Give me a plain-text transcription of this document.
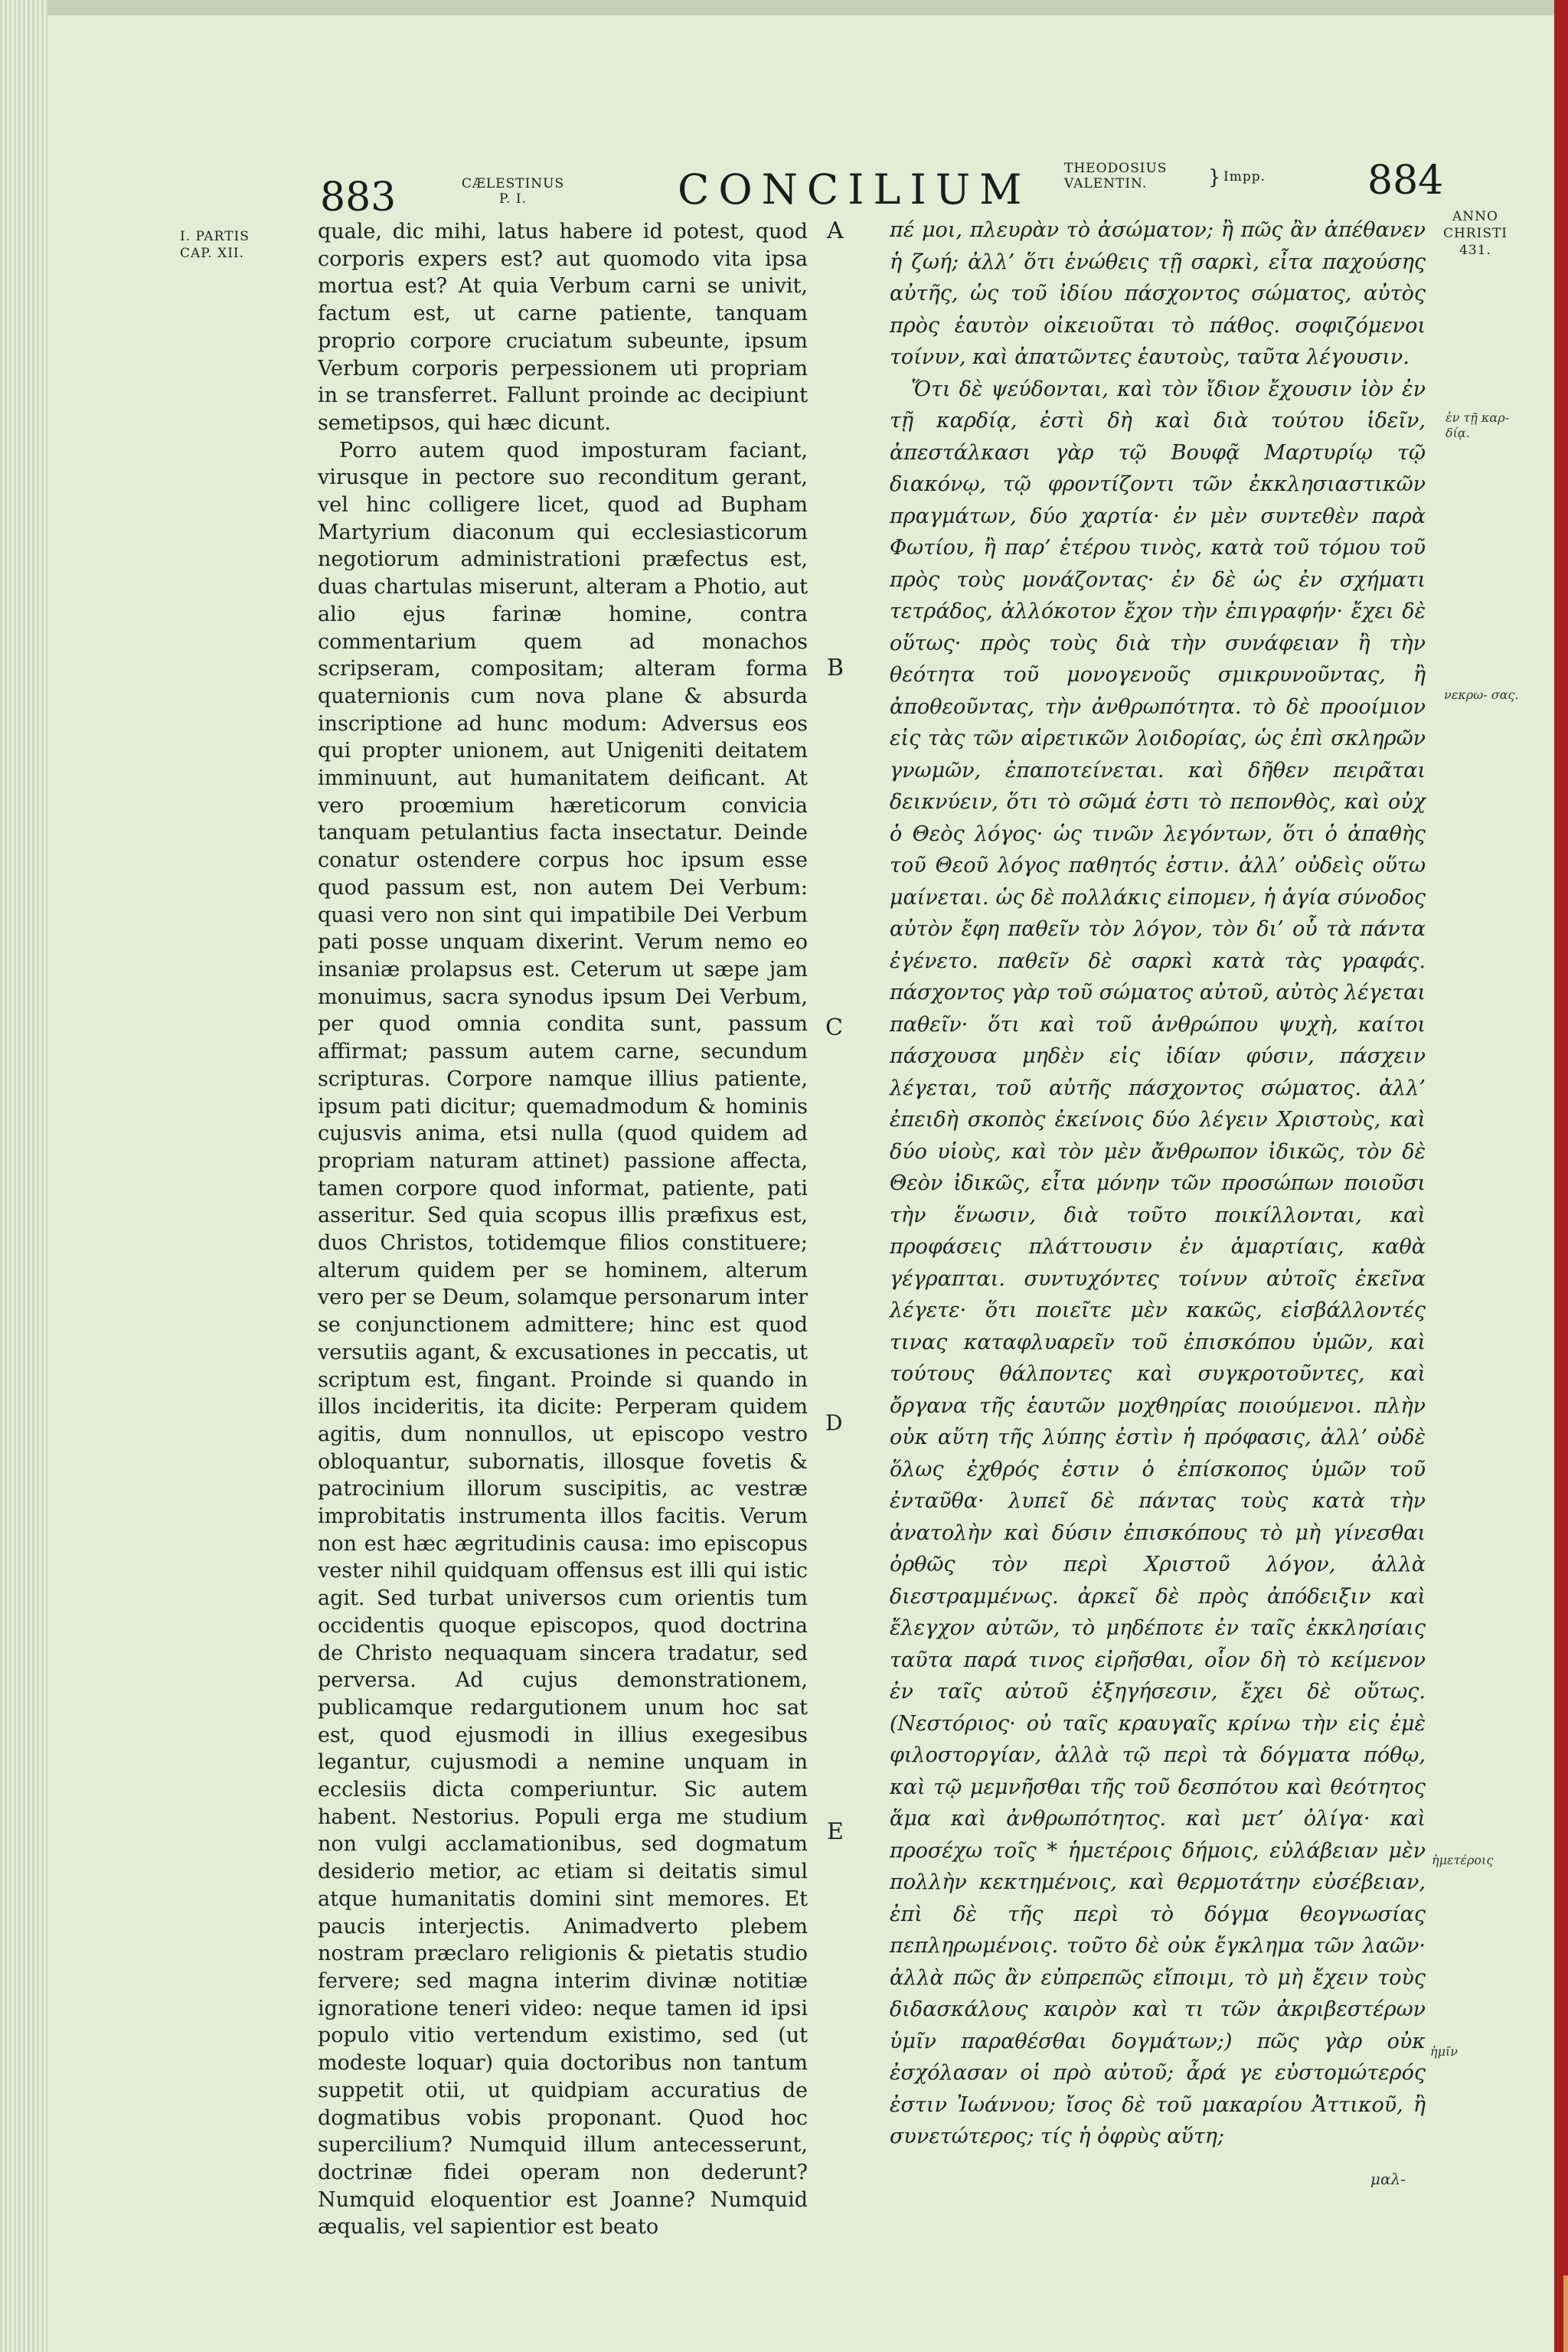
883	CÆLESTINUS
P. I.	CONCILIUM	THEODOSIUS VALENTIN.	} Impp.	884
I. PARTIS
CAP. XII.
ANNO CHRISTI
431.
ἐν τῇ καρ- δίᾳ.
νεκρω- σας.
ἡμετέροις
ἡμῖν
A
B
C
D
E

quale, dic mihi, latus habere id potest, quod corporis expers est? aut quomodo vita ipsa mortua est? At quia Verbum carni se univit, factum est, ut carne patiente, tanquam proprio corpore cruciatum subeunte, ipsum Verbum corporis perpessionem uti propriam in se transferret. Fallunt proinde ac decipiunt semetipsos, qui hæc dicunt.

Porro autem quod imposturam faciant, virusque in pectore suo reconditum gerant, vel hinc colligere licet, quod ad Bupham Martyrium diaconum qui ecclesiasticorum negotiorum administrationi præfectus est, duas chartulas miserunt, alteram a Photio, aut alio ejus farinæ homine, contra commentarium quem ad monachos scripseram, compositam; alteram forma quaternionis cum nova plane & absurda inscriptione ad hunc modum: Adversus eos qui propter unionem, aut Unigeniti deitatem imminuunt, aut humanitatem deificant. At vero proœmium hæreticorum convicia tanquam petulantius facta insectatur. Deinde conatur ostendere corpus hoc ipsum esse quod passum est, non autem Dei Verbum: quasi vero non sint qui impatibile Dei Verbum pati posse unquam dixerint. Verum nemo eo insaniæ prolapsus est. Ceterum ut sæpe jam monuimus, sacra synodus ipsum Dei Verbum, per quod omnia condita sunt, passum affirmat; passum autem carne, secundum scripturas. Corpore namque illius patiente, ipsum pati dicitur; quemadmodum & hominis cujusvis anima, etsi nulla (quod quidem ad propriam naturam attinet) passione affecta, tamen corpore quod informat, patiente, pati asseritur. Sed quia scopus illis præfixus est, duos Christos, totidemque filios constituere; alterum quidem per se hominem, alterum vero per se Deum, solamque personarum inter se conjunctionem admittere; hinc est quod versutiis agant, & excusationes in peccatis, ut scriptum est, fingant. Proinde si quando in illos incideritis, ita dicite: Perperam quidem agitis, dum nonnullos, ut episcopo vestro obloquantur, subornatis, illosque fovetis & patrocinium illorum suscipitis, ac vestræ improbitatis instrumenta illos facitis. Verum non est hæc ægritudinis causa: imo episcopus vester nihil quidquam offensus est illi qui istic agit. Sed turbat universos cum orientis tum occidentis quoque episcopos, quod doctrina de Christo nequaquam sincera tradatur, sed perversa. Ad cujus demonstrationem, publicamque redargutionem unum hoc sat est, quod ejusmodi in illius exegesibus legantur, cujusmodi a nemine unquam in ecclesiis dicta comperiuntur. Sic autem habent. Nestorius. Populi erga me studium non vulgi acclamationibus, sed dogmatum desiderio metior, ac etiam si deitatis simul atque humanitatis domini sint memores. Et paucis interjectis. Animadverto plebem nostram præclaro religionis & pietatis studio fervere; sed magna interim divinæ notitiæ ignoratione teneri video: neque tamen id ipsi populo vitio vertendum existimo, sed (ut modeste loquar) quia doctoribus non tantum suppetit otii, ut quidpiam accuratius de dogmatibus vobis proponant. Quod hoc supercilium? Numquid illum antecesserunt, doctrinæ fidei operam non dederunt? Numquid eloquentior est Joanne? Numquid æqualis, vel sapientior est beato

πέ μοι, πλευρὰν τὸ ἀσώματον; ἢ πῶς ἂν ἀπέθανεν ἡ ζωή; ἀλλ’ ὅτι ἑνώθεις τῇ σαρκὶ, εἶτα παχούσης αὐτῆς, ὡς τοῦ ἰδίου πάσχοντος σώματος, αὐτὸς πρὸς ἑαυτὸν οἰκειοῦται τὸ πάθος. σοφιζόμενοι τοίνυν, καὶ ἀπατῶντες ἑαυτοὺς, ταῦτα λέγουσιν.

Ὅτι δὲ ψεύδονται, καὶ τὸν ἴδιον ἔχουσιν ἰὸν ἐν τῇ καρδίᾳ, ἐστὶ δὴ καὶ διὰ τούτου ἰδεῖν, ἀπεστάλκασι γὰρ τῷ Βουφᾷ Μαρτυρίῳ τῷ διακόνῳ, τῷ φροντίζοντι τῶν ἐκκλησιαστικῶν πραγμάτων, δύο χαρτία· ἐν μὲν συντεθὲν παρὰ Φωτίου, ἢ παρ’ ἑτέρου τινὸς, κατὰ τοῦ τόμου τοῦ πρὸς τοὺς μονάζοντας· ἐν δὲ ὡς ἐν σχήματι τετράδος, ἀλλόκοτον ἔχον τὴν ἐπιγραφήν· ἔχει δὲ οὕτως· πρὸς τοὺς διὰ τὴν συνάφειαν ἢ τὴν θεότητα τοῦ μονογενοῦς σμικρυνοῦντας, ἢ ἀποθεοῦντας, τὴν ἀνθρωπότητα. τὸ δὲ προοίμιον εἰς τὰς τῶν αἱρετικῶν λοιδορίας, ὡς ἐπὶ σκληρῶν γνωμῶν, ἐπαποτείνεται. καὶ δῆθεν πειρᾶται δεικνύειν, ὅτι τὸ σῶμά ἐστι τὸ πεπονθὸς, καὶ οὐχ ὁ Θεὸς λόγος· ὡς τινῶν λεγόντων, ὅτι ὁ ἀπαθὴς τοῦ Θεοῦ λόγος παθητός ἐστιν. ἀλλ’ οὐδεὶς οὕτω μαίνεται. ὡς δὲ πολλάκις εἰπομεν, ἡ ἁγία σύνοδος αὐτὸν ἔφη παθεῖν τὸν λόγον, τὸν δι’ οὗ τὰ πάντα ἐγένετο. παθεῖν δὲ σαρκὶ κατὰ τὰς γραφάς. πάσχοντος γὰρ τοῦ σώματος αὐτοῦ, αὐτὸς λέγεται παθεῖν· ὅτι καὶ τοῦ ἀνθρώπου ψυχὴ, καίτοι πάσχουσα μηδὲν εἰς ἰδίαν φύσιν, πάσχειν λέγεται, τοῦ αὐτῆς πάσχοντος σώματος. ἀλλ’ ἐπειδὴ σκοπὸς ἐκείνοις δύο λέγειν Χριστοὺς, καὶ δύο υἱοὺς, καὶ τὸν μὲν ἄνθρωπον ἰδικῶς, τὸν δὲ Θεὸν ἰδικῶς, εἶτα μόνην τῶν προσώπων ποιοῦσι τὴν ἕνωσιν, διὰ τοῦτο ποικίλλονται, καὶ προφάσεις πλάττουσιν ἐν ἁμαρτίαις, καθὰ γέγραπται. συντυχόντες τοίνυν αὐτοῖς ἐκεῖνα λέγετε· ὅτι ποιεῖτε μὲν κακῶς, εἰσβάλλοντές τινας καταφλυαρεῖν τοῦ ἐπισκόπου ὑμῶν, καὶ τούτους θάλποντες καὶ συγκροτοῦντες, καὶ ὄργανα τῆς ἑαυτῶν μοχθηρίας ποιούμενοι. πλὴν οὐκ αὕτη τῆς λύπης ἐστὶν ἡ πρόφασις, ἀλλ’ οὐδὲ ὅλως ἐχθρός ἐστιν ὁ ἐπίσκοπος ὑμῶν τοῦ ἐνταῦθα· λυπεῖ δὲ πάντας τοὺς κατὰ τὴν ἀνατολὴν καὶ δύσιν ἐπισκόπους τὸ μὴ γίνεσθαι ὀρθῶς τὸν περὶ Χριστοῦ λόγον, ἀλλὰ διεστραμμένως. ἀρκεῖ δὲ πρὸς ἀπόδειξιν καὶ ἔλεγχον αὐτῶν, τὸ μηδέποτε ἐν ταῖς ἐκκλησίαις ταῦτα παρά τινος εἰρῆσθαι, οἷον δὴ τὸ κείμενον ἐν ταῖς αὐτοῦ ἐξηγήσεσιν, ἔχει δὲ οὕτως. (Νεστόριος· οὐ ταῖς κραυγαῖς κρίνω τὴν εἰς ἐμὲ φιλοστοργίαν, ἀλλὰ τῷ περὶ τὰ δόγματα πόθῳ, καὶ τῷ μεμνῆσθαι τῆς τοῦ δεσπότου καὶ θεότητος ἅμα καὶ ἀνθρωπότητος. καὶ μετ’ ὀλίγα· καὶ προσέχω τοῖς * ἡμετέροις δήμοις, εὐλάβειαν μὲν πολλὴν κεκτημένοις, καὶ θερμοτάτην εὐσέβειαν, ἐπὶ δὲ τῆς περὶ τὸ δόγμα θεογνωσίας πεπληρωμένοις. τοῦτο δὲ οὐκ ἔγκλημα τῶν λαῶν· ἀλλὰ πῶς ἂν εὐπρεπῶς εἴποιμι, τὸ μὴ ἔχειν τοὺς διδασκάλους καιρὸν καὶ τι τῶν ἀκριβεστέρων ὑμῖν παραθέσθαι δογμάτων;) πῶς γὰρ οὐκ ἐσχόλασαν οἱ πρὸ αὐτοῦ; ἆρά γε εὐστομώτερός ἐστιν Ἰωάννου; ἴσος δὲ τοῦ μακαρίου Ἀττικοῦ, ἢ συνετώτερος; τίς ἡ ὀφρὺς αὕτη;

μαλ-
